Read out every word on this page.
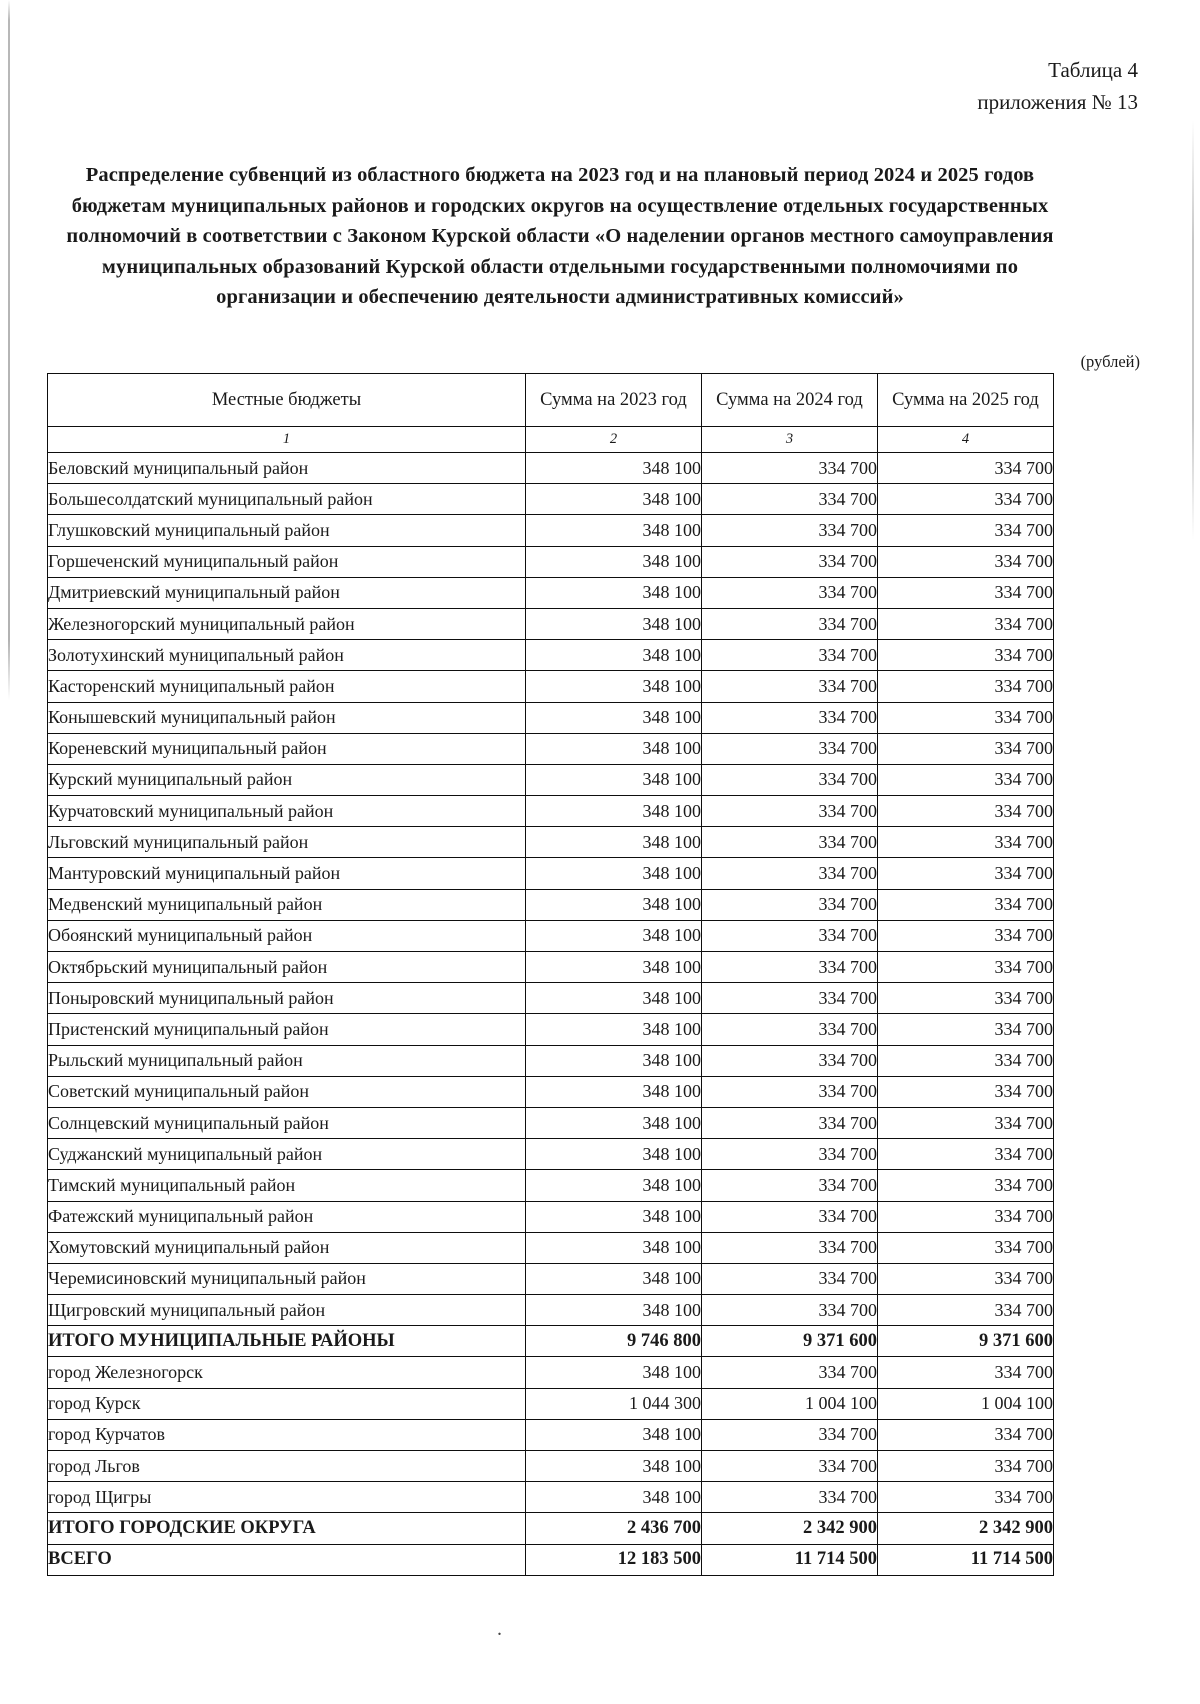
Таблица 4
приложения № 13
Распределение субвенций из областного бюджета на 2023 год и на плановый период 2024 и 2025 годов бюджетам муниципальных районов и городских округов на осуществление отдельных государственных полномочий в соответствии с Законом Курской области «О наделении органов местного самоуправления муниципальных образований Курской области отдельными государственными полномочиями по организации и обеспечению деятельности административных комиссий»
(рублей)
Местные бюджеты	Сумма на 2023 год	Сумма на 2024 год	Сумма на 2025 год
1	2	3	4
Беловский муниципальный район	348 100	334 700	334 700
Большесолдатский муниципальный район	348 100	334 700	334 700
Глушковский муниципальный район	348 100	334 700	334 700
Горшеченский муниципальный район	348 100	334 700	334 700
Дмитриевский муниципальный район	348 100	334 700	334 700
Железногорский муниципальный район	348 100	334 700	334 700
Золотухинский муниципальный район	348 100	334 700	334 700
Касторенский муниципальный район	348 100	334 700	334 700
Конышевский муниципальный район	348 100	334 700	334 700
Кореневский муниципальный район	348 100	334 700	334 700
Курский муниципальный район	348 100	334 700	334 700
Курчатовский муниципальный район	348 100	334 700	334 700
Льговский муниципальный район	348 100	334 700	334 700
Мантуровский муниципальный район	348 100	334 700	334 700
Медвенский муниципальный район	348 100	334 700	334 700
Обоянский муниципальный район	348 100	334 700	334 700
Октябрьский муниципальный район	348 100	334 700	334 700
Поныровский муниципальный район	348 100	334 700	334 700
Пристенский муниципальный район	348 100	334 700	334 700
Рыльский муниципальный район	348 100	334 700	334 700
Советский муниципальный район	348 100	334 700	334 700
Солнцевский муниципальный район	348 100	334 700	334 700
Суджанский муниципальный район	348 100	334 700	334 700
Тимский муниципальный район	348 100	334 700	334 700
Фатежский муниципальный район	348 100	334 700	334 700
Хомутовский муниципальный район	348 100	334 700	334 700
Черемисиновский муниципальный район	348 100	334 700	334 700
Щигровский муниципальный район	348 100	334 700	334 700
ИТОГО МУНИЦИПАЛЬНЫЕ РАЙОНЫ	9 746 800	9 371 600	9 371 600
город Железногорск	348 100	334 700	334 700
город Курск	1 044 300	1 004 100	1 004 100
город Курчатов	348 100	334 700	334 700
город Льгов	348 100	334 700	334 700
город Щигры	348 100	334 700	334 700
ИТОГО ГОРОДСКИЕ ОКРУГА	2 436 700	2 342 900	2 342 900
ВСЕГО	12 183 500	11 714 500	11 714 500
.
